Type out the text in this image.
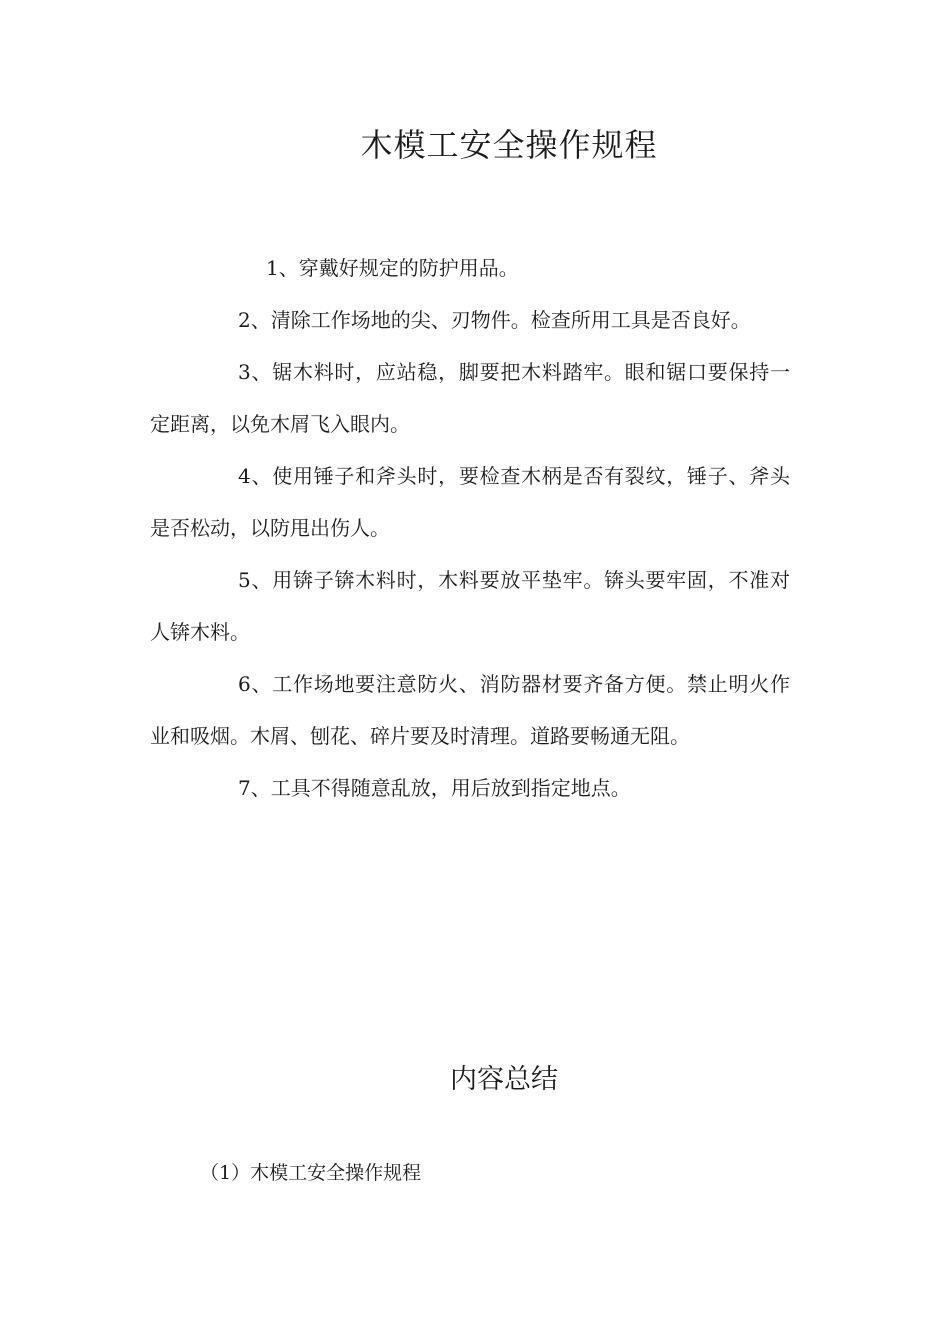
木模工安全操作规程

1、穿戴好规定的防护用品。

2、清除工作场地的尖、刃物件。检查所用工具是否良好。

3、锯木料时，应站稳，脚要把木料踏牢。眼和锯口要保持一定距离，以免木屑飞入眼内。

4、使用锤子和斧头时，要检查木柄是否有裂纹，锤子、斧头是否松动，以防甩出伤人。

5、用锛子锛木料时，木料要放平垫牢。锛头要牢固，不准对人锛木料。

6、工作场地要注意防火、消防器材要齐备方便。禁止明火作业和吸烟。木屑、刨花、碎片要及时清理。道路要畅通无阻。

7、工具不得随意乱放，用后放到指定地点。

内容总结
（1）木模工安全操作规程
